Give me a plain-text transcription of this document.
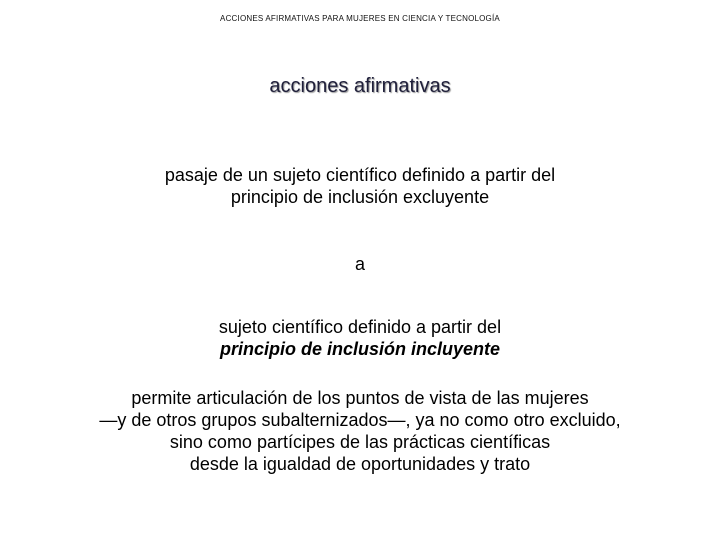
ACCIONES AFIRMATIVAS PARA MUJERES EN CIENCIA Y TECNOLOGÍA
acciones afirmativas
pasaje de un sujeto científico definido a partir del
principio de inclusión excluyente
a
sujeto científico definido a partir del
principio de inclusión incluyente
permite articulación de los puntos de vista de las mujeres
—y de otros grupos subalternizados—, ya no como otro excluido,
sino como partícipes de las prácticas científicas
desde la igualdad de oportunidades y trato
